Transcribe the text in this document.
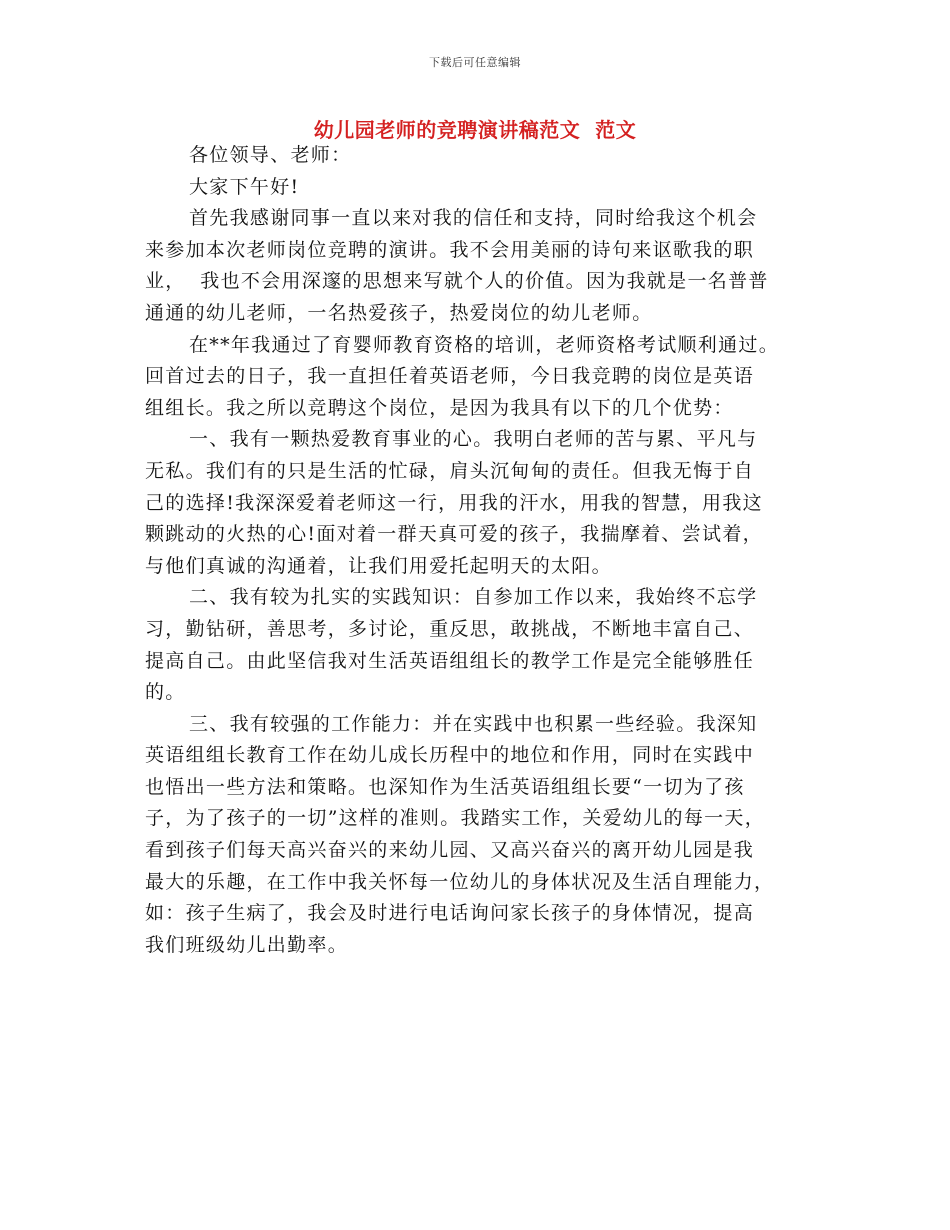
下载后可任意编辑
幼儿园老师的竞聘演讲稿范文  范文
各位领导、老师：
大家下午好!
首先我感谢同事一直以来对我的信任和支持，同时给我这个机会
来参加本次老师岗位竞聘的演讲。我不会用美丽的诗句来讴歌我的职
业，  我也不会用深邃的思想来写就个人的价值。因为我就是一名普普
通通的幼儿老师，一名热爱孩子，热爱岗位的幼儿老师。
在**年我通过了育婴师教育资格的培训，老师资格考试顺利通过。
回首过去的日子，我一直担任着英语老师，今日我竞聘的岗位是英语
组组长。我之所以竞聘这个岗位，是因为我具有以下的几个优势：
一、我有一颗热爱教育事业的心。我明白老师的苦与累、平凡与
无私。我们有的只是生活的忙碌，肩头沉甸甸的责任。但我无悔于自
己的选择!我深深爱着老师这一行，用我的汗水，用我的智慧，用我这
颗跳动的火热的心!面对着一群天真可爱的孩子，我揣摩着、尝试着，
与他们真诚的沟通着，让我们用爱托起明天的太阳。
二、我有较为扎实的实践知识：自参加工作以来，我始终不忘学
习，勤钻研，善思考，多讨论，重反思，敢挑战，不断地丰富自己、
提高自己。由此坚信我对生活英语组组长的教学工作是完全能够胜任
的。
三、我有较强的工作能力：并在实践中也积累一些经验。我深知
英语组组长教育工作在幼儿成长历程中的地位和作用，同时在实践中
也悟出一些方法和策略。也深知作为生活英语组组长要“一切为了孩
子，为了孩子的一切”这样的准则。我踏实工作，关爱幼儿的每一天，
看到孩子们每天高兴奋兴的来幼儿园、又高兴奋兴的离开幼儿园是我
最大的乐趣，在工作中我关怀每一位幼儿的身体状况及生活自理能力，
如：孩子生病了，我会及时进行电话询问家长孩子的身体情况，提高
我们班级幼儿出勤率。
